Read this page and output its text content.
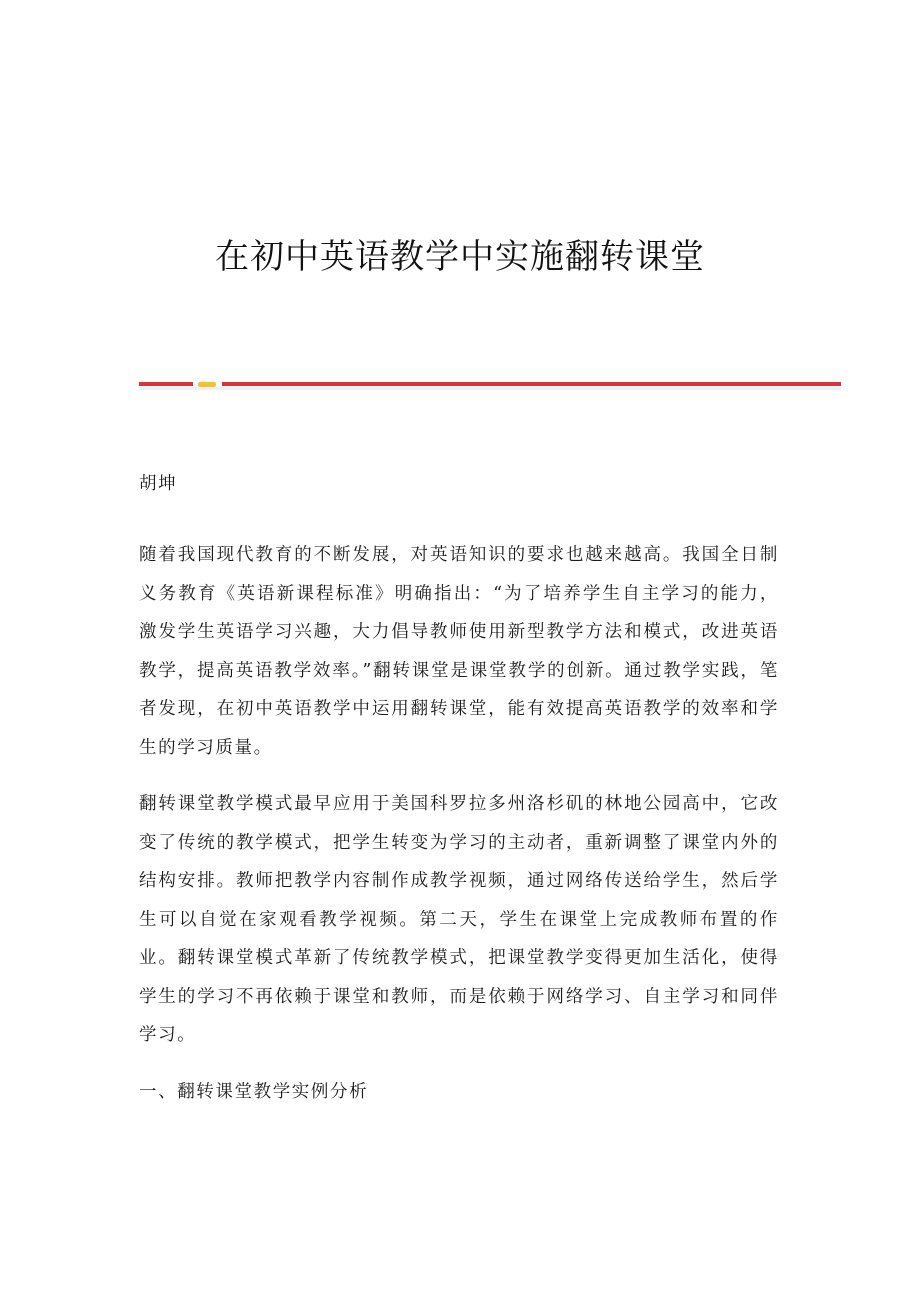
在初中英语教学中实施翻转课堂

胡坤

随着我国现代教育的不断发展，对英语知识的要求也越来越高。我国全日制义务教育《英语新课程标准》明确指出：“为了培养学生自主学习的能力，激发学生英语学习兴趣，大力倡导教师使用新型教学方法和模式，改进英语教学，提高英语教学效率。”翻转课堂是课堂教学的创新。通过教学实践，笔者发现，在初中英语教学中运用翻转课堂，能有效提高英语教学的效率和学生的学习质量。

翻转课堂教学模式最早应用于美国科罗拉多州洛杉矶的林地公园高中，它改变了传统的教学模式，把学生转变为学习的主动者，重新调整了课堂内外的结构安排。教师把教学内容制作成教学视频，通过网络传送给学生，然后学生可以自觉在家观看教学视频。第二天，学生在课堂上完成教师布置的作业。翻转课堂模式革新了传统教学模式，把课堂教学变得更加生活化，使得学生的学习不再依赖于课堂和教师，而是依赖于网络学习、自主学习和同伴学习。

一、翻转课堂教学实例分析
